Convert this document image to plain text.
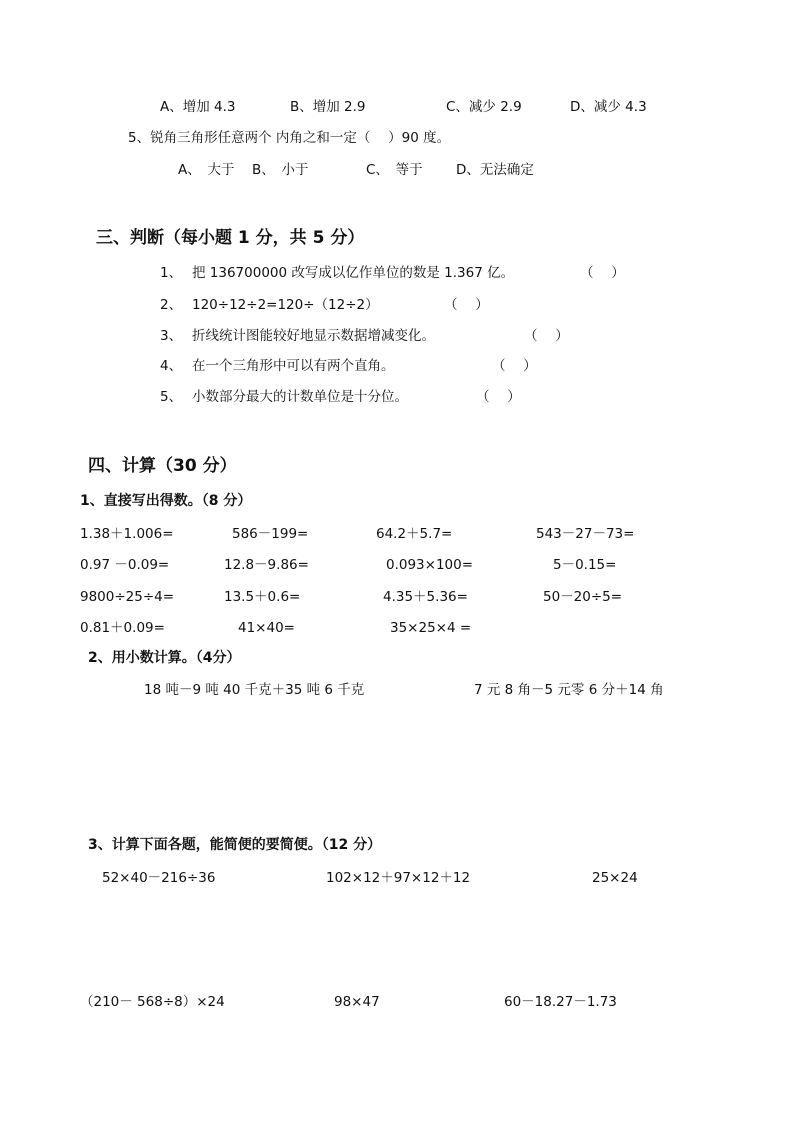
A、增加 4.3	B、增加 2.9	C、减少 2.9	D、减少 4.3
5、锐角三角形任意两个 内角之和一定（　 ）90 度。
A、　大于 B、　小于	C、　等于 D、无法确定
三、判断（每小题 1 分，共 5 分）
1、 把 136700000 改写成以亿作单位的数是 1.367 亿。	（　 ）
2、 120÷12÷2=120÷（12÷2）	（　 ）
3、 折线统计图能较好地显示数据增减变化。	（　 ）
4、 在一个三角形中可以有两个直角。	（　 ）
5、 小数部分最大的计数单位是十分位。	（　 ）
四、计算（30 分）
1、直接写出得数。（8 分）
1.38＋1.006=	586－199=	64.2＋5.7=	543－27－73=
0.97 －0.09=	12.8－9.86=	0.093×100=	5－0.15=
9800÷25÷4=	13.5＋0.6=	4.35＋5.36=	50－20÷5=
0.81＋0.09=	41×40=	35×25×4 =
2、用小数计算。（4分）
18 吨－9 吨 40 千克＋35 吨 6 千克	7 元 8 角－5 元零 6 分＋14 角
3、计算下面各题，能简便的要简便。（12 分）
52×40－216÷36	102×12＋97×12＋12	25×24
（210－ 568÷8）×24	98×47	60－18.27－1.73
